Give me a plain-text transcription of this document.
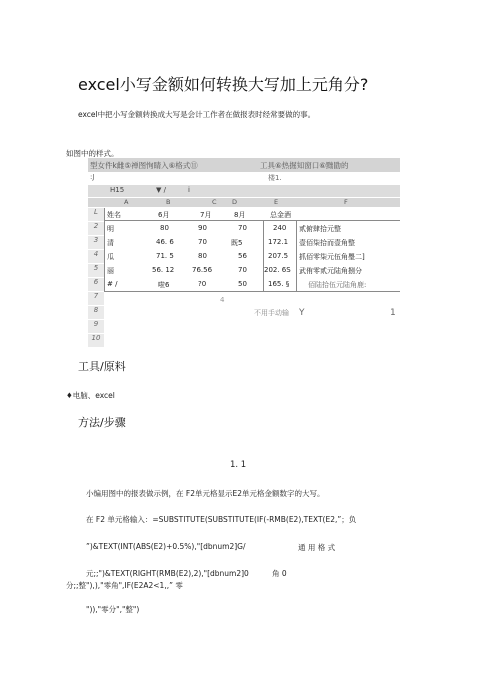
excel小写金额如何转换大写加上元角分?
excel中把小写金额转换成大写是会计工作者在做报表时经常要做的事。
如图中的样式。
型女件k雌⑤禅图恂睛入⑥格式⑪	工具⑥热掘知窗口⑥黜勖的
:J	楼1.
H15	▼ /	i
A	B	C D	E	F
L
2
3
4
5
6
7
8
9
10
姓名	6月	7月	8月	总金酒
明	80	90	70	240 贰俯肆拾元整
清	46. 6	70	既5	172.1 壹佰柒拾而壹角整
瓜	71. 5	80	56	207.5 抓佰零柒元伍角璺二]
丽	56. 12	76.56	70 202. 6S 武侑零贰元陆角捌分
# /	啦6	?0	50	165. §	佰陆拾伍元陆角鹿:
4
不用手动输 Y	1
工具/原料
♦电脑、excel
方法/步骤
1. 1
小编用图中的报表做示例，在 F2单元格显示E2单元格金额数字的大写。
在 F2 单元格输入：=SUBSTITUTE(SUBSTITUTE(IF(-RMB(E2),TEXT(E2,”；负
”)&TEXT(INT(ABS(E2)+0.5%),"[dbnum2]G/	通 用 格 式
元;;")&TEXT(RIGHT(RMB(E2),2),"[dbnum2]0	角 0
分;;整"),),"零角",IF(E2A2<1,,” 零
")),"零分","整")
